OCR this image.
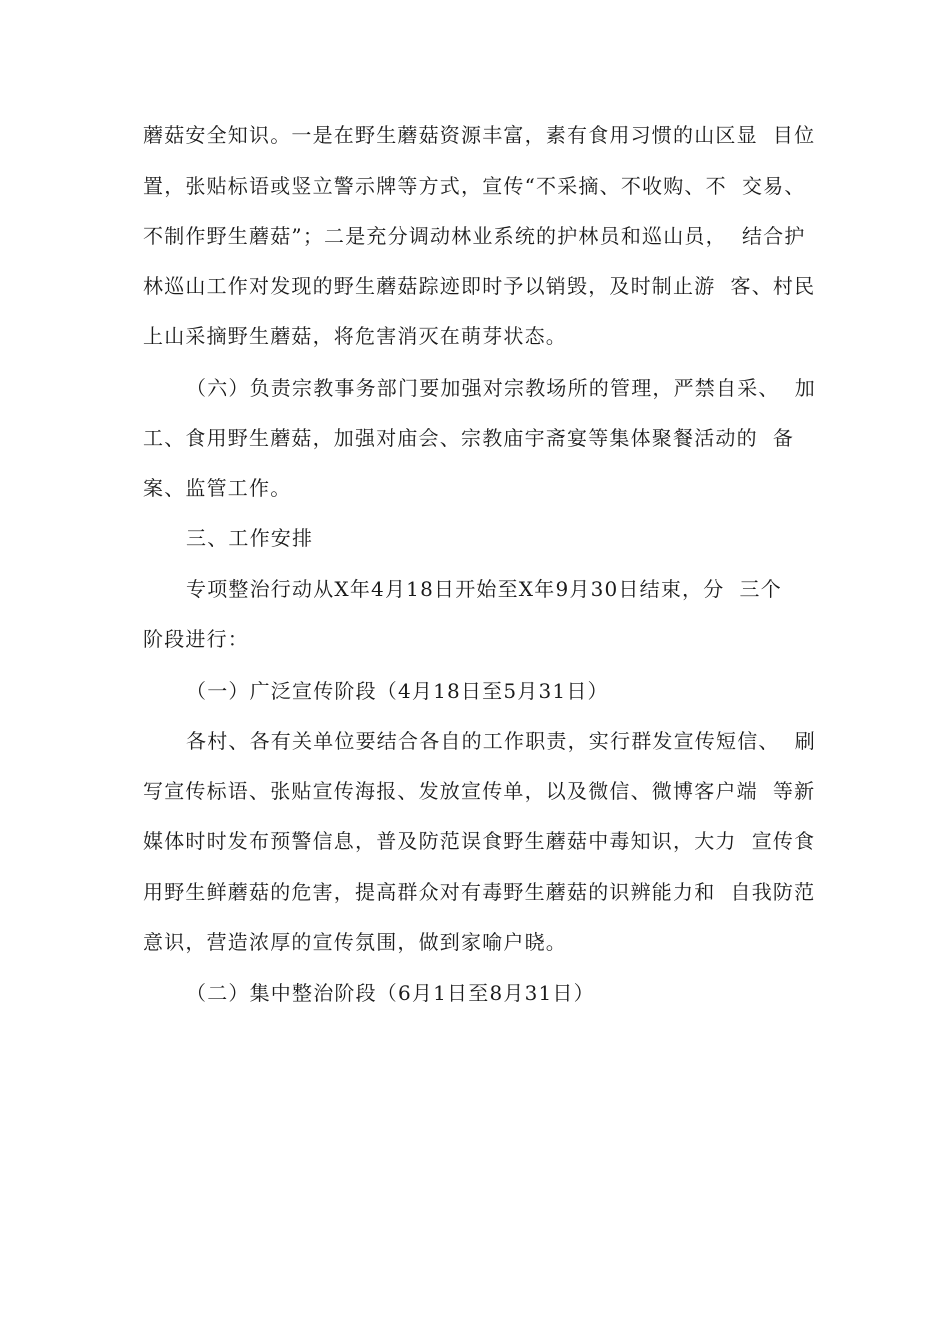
蘑菇安全知识。一是在野生蘑菇资源丰富，素有食用习惯的山区显  目位
置，张贴标语或竖立警示牌等方式，宣传“不采摘、不收购、不  交易、
不制作野生蘑菇”；二是充分调动林业系统的护林员和巡山员，  结合护
林巡山工作对发现的野生蘑菇踪迹即时予以销毁，及时制止游  客、村民
上山采摘野生蘑菇，将危害消灭在萌芽状态。
（六）负责宗教事务部门要加强对宗教场所的管理，严禁自采、  加
工、食用野生蘑菇，加强对庙会、宗教庙宇斋宴等集体聚餐活动的  备
案、监管工作。
三、工作安排
专项整治行动从X年4月18日开始至X年9月30日结束，分  三个
阶段进行：
（一）广泛宣传阶段（4月18日至5月31日）
各村、各有关单位要结合各自的工作职责，实行群发宣传短信、  刷
写宣传标语、张贴宣传海报、发放宣传单，以及微信、微博客户端  等新
媒体时时发布预警信息，普及防范误食野生蘑菇中毒知识，大力  宣传食
用野生鲜蘑菇的危害，提高群众对有毒野生蘑菇的识辨能力和  自我防范
意识，营造浓厚的宣传氛围，做到家喻户晓。
（二）集中整治阶段（6月1日至8月31日）
